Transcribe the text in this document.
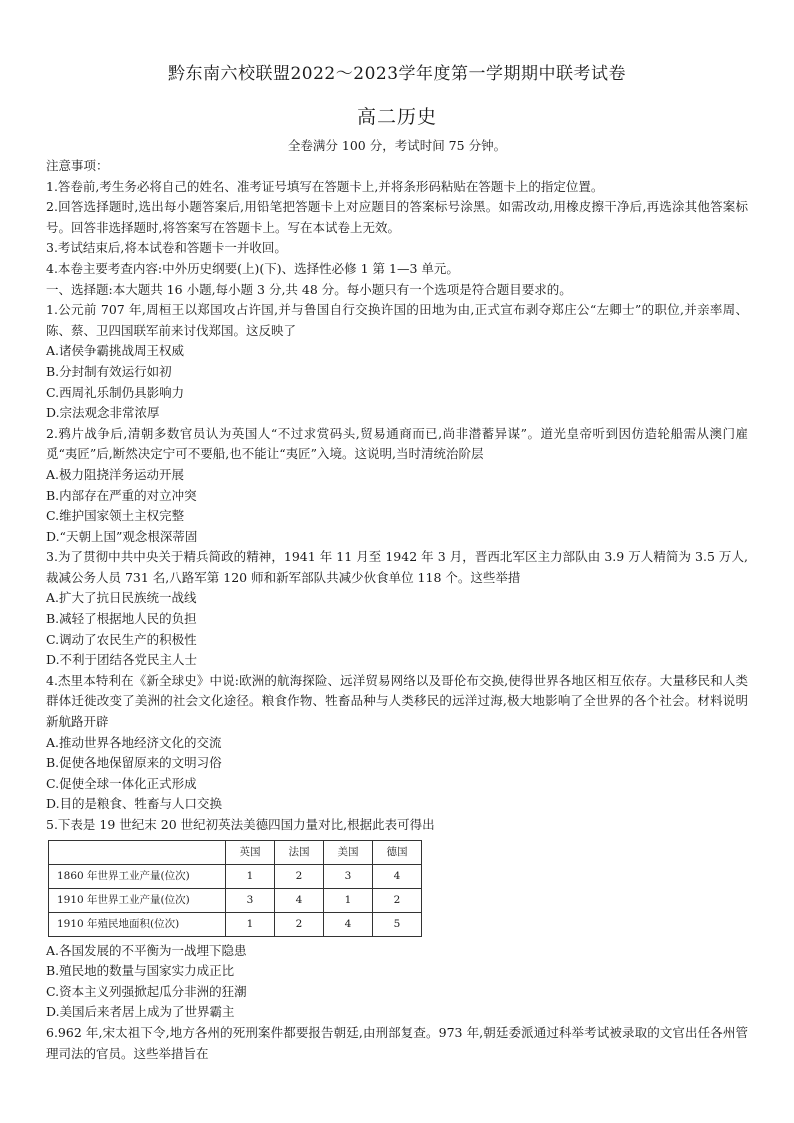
黔东南六校联盟2022～2023学年度第一学期期中联考试卷
高二历史
全卷满分 100 分，考试时间 75 分钟。

注意事项：

1.答卷前,考生务必将自己的姓名、准考证号填写在答题卡上,并将条形码粘贴在答题卡上的指定位置。

2.回答选择题时,选出每小题答案后,用铅笔把答题卡上对应题目的答案标号涂黑。如需改动,用橡皮擦干净后,再选涂其他答案标号。回答非选择题时,将答案写在答题卡上。写在本试卷上无效。

3.考试结束后,将本试卷和答题卡一并收回。

4.本卷主要考查内容:中外历史纲要(上)(下)、选择性必修 1 第 1—3 单元。

一、选择题:本大题共 16 小题,每小题 3 分,共 48 分。每小题只有一个选项是符合题目要求的。

1.公元前 707 年,周桓王以郑国攻占许国,并与鲁国自行交换许国的田地为由,正式宣布剥夺郑庄公“左卿士”的职位,并亲率周、陈、蔡、卫四国联军前来讨伐郑国。这反映了

A.诸侯争霸挑战周王权威

B.分封制有效运行如初

C.西周礼乐制仍具影响力

D.宗法观念非常浓厚

2.鸦片战争后,清朝多数官员认为英国人“不过求赏码头,贸易通商而已,尚非潜蓄异谋”。道光皇帝听到因仿造轮船需从澳门雇觅“夷匠”后,断然决定宁可不要船,也不能让“夷匠”入境。这说明,当时清统治阶层

A.极力阻挠洋务运动开展

B.内部存在严重的对立冲突

C.维护国家领土主权完整

D.“天朝上国”观念根深蒂固

3.为了贯彻中共中央关于精兵简政的精神，1941 年 11 月至 1942 年 3 月，晋西北军区主力部队由 3.9 万人精简为 3.5 万人,裁减公务人员 731 名,八路军第 120 师和新军部队共减少伙食单位 118 个。这些举措

A.扩大了抗日民族统一战线

B.减轻了根据地人民的负担

C.调动了农民生产的积极性

D.不利于团结各党民主人士

4.杰里本特利在《新全球史》中说:欧洲的航海探险、远洋贸易网络以及哥伦布交换,使得世界各地区相互依存。大量移民和人类群体迁徙改变了美洲的社会文化途径。粮食作物、牲畜品种与人类移民的远洋过海,极大地影响了全世界的各个社会。材料说明新航路开辟

A.推动世界各地经济文化的交流

B.促使各地保留原来的文明习俗

C.促使全球一体化正式形成

D.目的是粮食、牲畜与人口交换

5.下表是 19 世纪末 20 世纪初英法美德四国力量对比,根据此表可得出

	英国	法国	美国	德国
1860 年世界工业产量(位次)	1	2	3	4
1910 年世界工业产量(位次)	3	4	1	2
1910 年殖民地面积(位次)	1	2	4	5

A.各国发展的不平衡为一战埋下隐患

B.殖民地的数量与国家实力成正比

C.资本主义列强掀起瓜分非洲的狂潮

D.美国后来者居上成为了世界霸主

6.962 年,宋太祖下令,地方各州的死刑案件都要报告朝廷,由刑部复查。973 年,朝廷委派通过科举考试被录取的文官出任各州管理司法的官员。这些举措旨在
